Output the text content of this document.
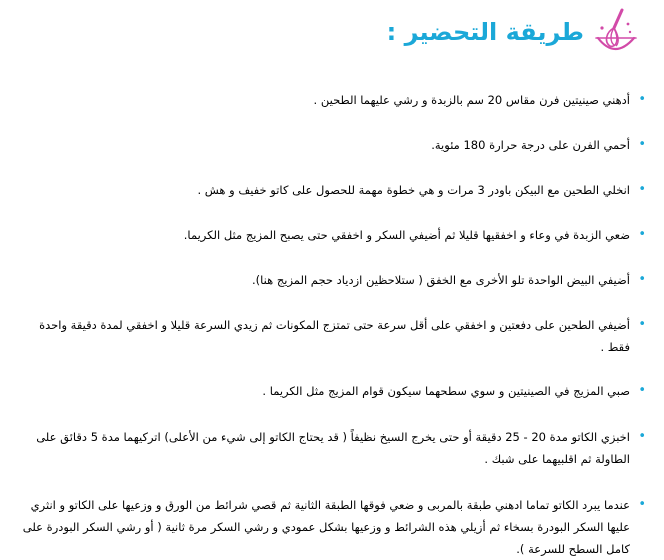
طريقة التحضير :
•
أدهني صينيتين فرن مقاس 20 سم بالزبدة و رشي عليهما الطحين .
•
أحمي الفرن على درجة حرارة 180 مئوية.
•
انخلي الطحين مع البيكن باودر 3 مرات و هي خطوة مهمة للحصول على كاتو خفيف و هش .
•
ضعي الزبدة في وعاء و اخفقيها قليلا ثم أضيفي السكر و اخفقي حتى يصبح المزيج مثل الكريما.
•
أضيفي البيض الواحدة تلو الأخرى مع الخفق ( ستلاحظين ازدياد حجم المزيج هنا).
•
أضيفي الطحين على دفعتين و اخفقي على أقل سرعة حتى تمتزج المكونات ثم زيدي السرعة قليلا و اخفقي لمدة دقيقة واحدة فقط .
•
صبي المزيج في الصينيتين و سوي سطحهما سيكون قوام المزيج مثل الكريما .
•
اخبزي الكاتو مدة 20 - 25 دقيقة أو حتى يخرج السيخ نظيفاً ( قد يحتاج الكاتو إلى شيء من الأعلى) اتركيهما مدة 5 دقائق على الطاولة ثم اقلبيهما على شبك .
•
عندما يبرد الكاتو تماما ادهني طبقة بالمربى و ضعي فوقها الطبقة الثانية ثم قصي شرائط من الورق و وزعيها على الكاتو و انثري عليها السكر البودرة بسخاء ثم أزيلي هذه الشرائط و وزعيها بشكل عمودي و رشي السكر مرة ثانية ( أو رشي السكر البودرة على كامل السطح للسرعة ).
